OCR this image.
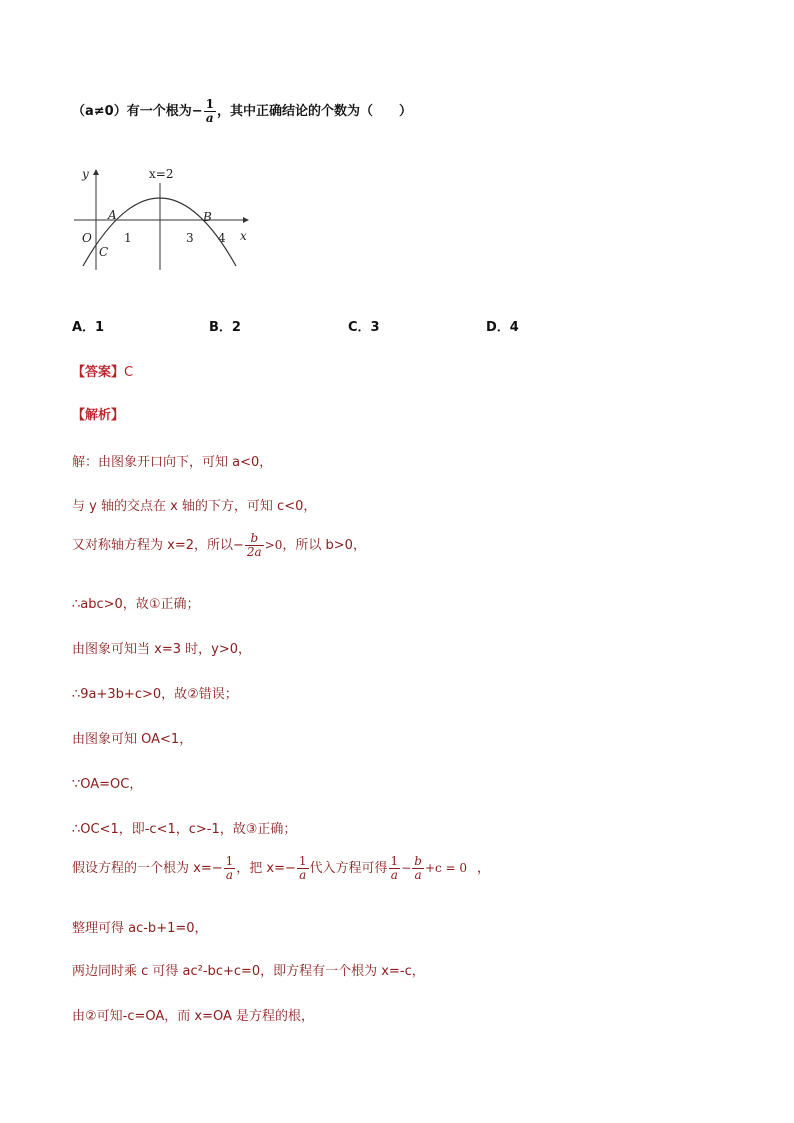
（a≠0）有一个根为− $\frac{1}{a}$ ，其中正确结论的个数为（　　）
y
x
x=2
O
A	B
C
1	3 4
A．1	B．2	C．3	D．4
【答案】C
【解析】
解：由图象开口向下，可知 a<0，
与 y 轴的交点在 x 轴的下方，可知 c<0，
又对称轴方程为 x=2，所以− $\frac{b}{2a} >0$，所以 b>0，
∴abc>0，故①正确；
由图象可知当 x=3 时，y>0，
∴9a+3b+c>0，故②错误；
由图象可知 OA<1，
∵OA=OC，
∴OC<1，即-c<1，c>-1，故③正确；
假设方程的一个根为 $x=- \frac{1}{a}$ ，把 $x=- \frac{1}{a}$ 代入方程可得 $\frac{1}{a} - \frac{b}{a} +c = 0$ ，
整理可得 ac-b+1=0，
两边同时乘 c 可得 ac²-bc+c=0，即方程有一个根为 x=-c，
由②可知-c=OA，而 x=OA 是方程的根，
